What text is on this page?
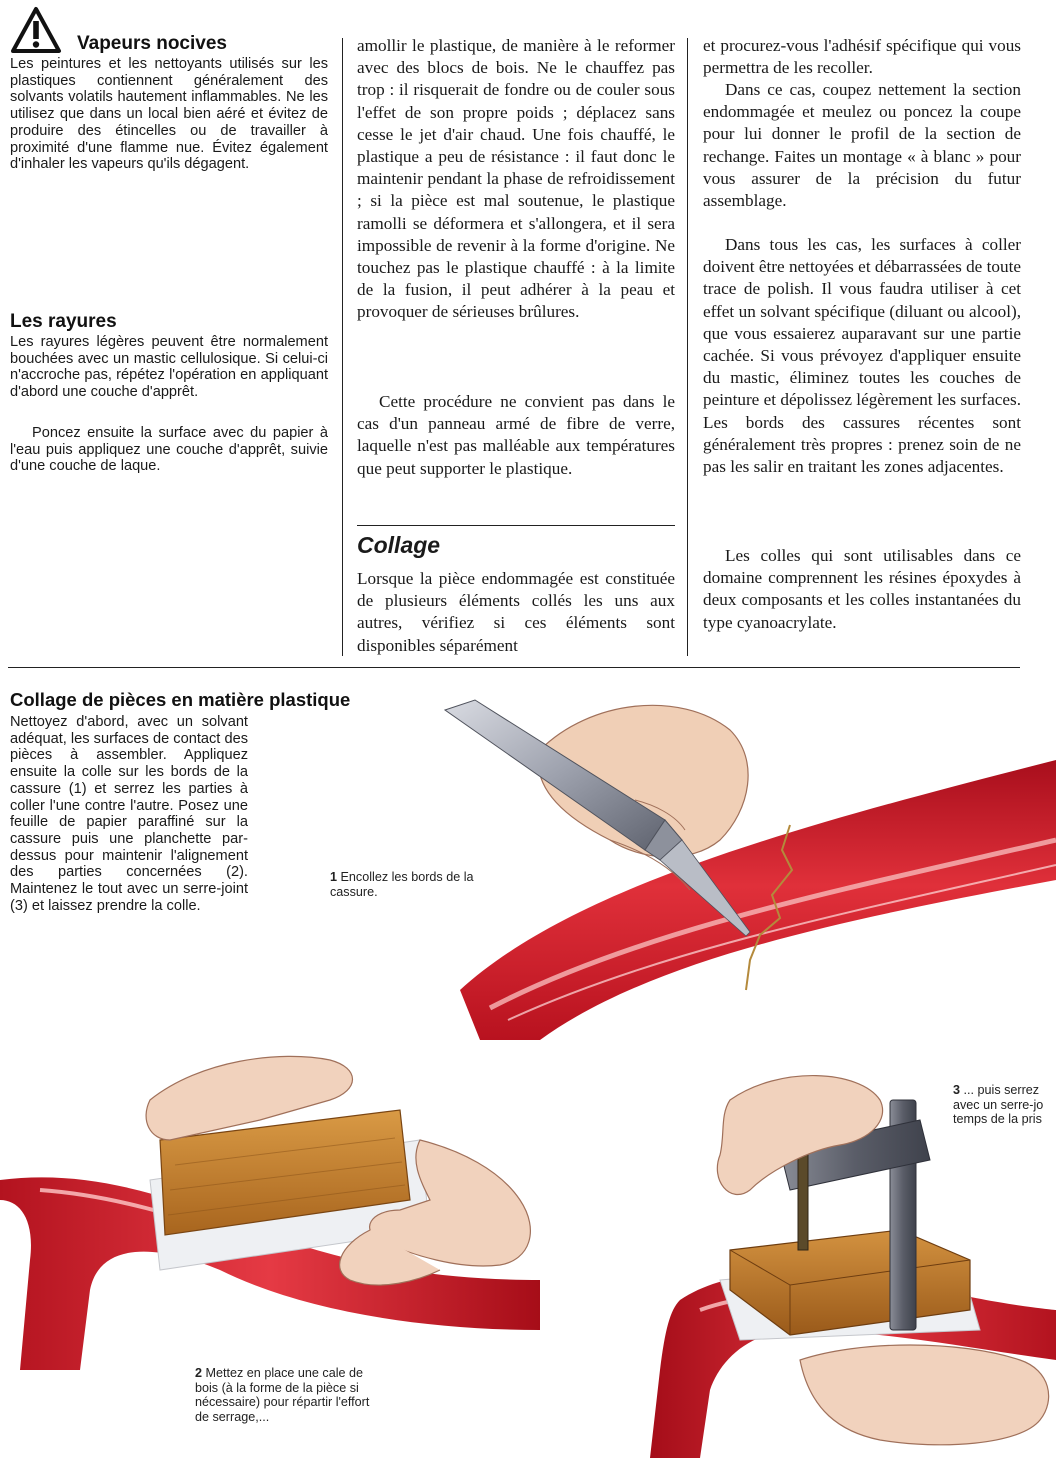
Vapeurs nocives
Les peintures et les nettoyants utilisés sur les plastiques contiennent généralement des solvants volatils hautement inflammables. Ne les utilisez que dans un local bien aéré et évitez de produire des étincelles ou de travailler à proximité d'une flamme nue. Évitez également d'inhaler les vapeurs qu'ils dégagent.
Les rayures
Les rayures légères peuvent être normalement bouchées avec un mastic cellulosique. Si celui-ci n'accroche pas, répétez l'opération en appliquant d'abord une couche d'apprêt.
Poncez ensuite la surface avec du papier à l'eau puis appliquez une couche d'apprêt, suivie d'une couche de laque.
amollir le plastique, de manière à le reformer avec des blocs de bois. Ne le chauffez pas trop : il risquerait de fondre ou de couler sous l'effet de son propre poids ; déplacez sans cesse le jet d'air chaud. Une fois chauffé, le plastique a peu de résistance : il faut donc le maintenir pendant la phase de refroidissement ; si la pièce est mal soutenue, le plastique ramolli se déformera et s'allongera, et il sera impossible de revenir à la forme d'origine. Ne touchez pas le plastique chauffé : à la limite de la fusion, il peut adhérer à la peau et provoquer de sérieuses brûlures.
Cette procédure ne convient pas dans le cas d'un panneau armé de fibre de verre, laquelle n'est pas malléable aux températures que peut supporter le plastique.
Collage
Lorsque la pièce endommagée est constituée de plusieurs éléments collés les uns aux autres, vérifiez si ces éléments sont disponibles séparément
et procurez-vous l'adhésif spécifique qui vous permettra de les recoller.
Dans ce cas, coupez nettement la section endommagée et meulez ou poncez la coupe pour lui donner le profil de la section de rechange. Faites un montage « à blanc » pour vous assurer de la précision du futur assemblage.
Dans tous les cas, les surfaces à coller doivent être nettoyées et débarrassées de toute trace de polish. Il vous faudra utiliser à cet effet un solvant spécifique (diluant ou alcool), que vous essaierez auparavant sur une partie cachée. Si vous prévoyez d'appliquer ensuite du mastic, éliminez toutes les couches de peinture et dépolissez légèrement les surfaces. Les bords des cassures récentes sont généralement très propres : prenez soin de ne pas les salir en traitant les zones adjacentes.
Les colles qui sont utilisables dans ce domaine comprennent les résines époxydes à deux composants et les colles instantanées du type cyanoacrylate.
Collage de pièces en matière plastique
Nettoyez d'abord, avec un solvant adéquat, les surfaces de contact des pièces à assembler. Appliquez ensuite la colle sur les bords de la cassure (1) et serrez les parties à coller l'une contre l'autre. Posez une feuille de papier paraffiné sur la cassure puis une planchette par-dessus pour maintenir l'alignement des parties concernées (2). Maintenez le tout avec un serre-joint (3) et laissez prendre la colle.
1 Encollez les bords de la cassure.
2 Mettez en place une cale de bois (à la forme de la pièce si nécessaire) pour répartir l'effort de serrage,...
3 ... puis serrez
avec un serre-jo
temps de la pris
